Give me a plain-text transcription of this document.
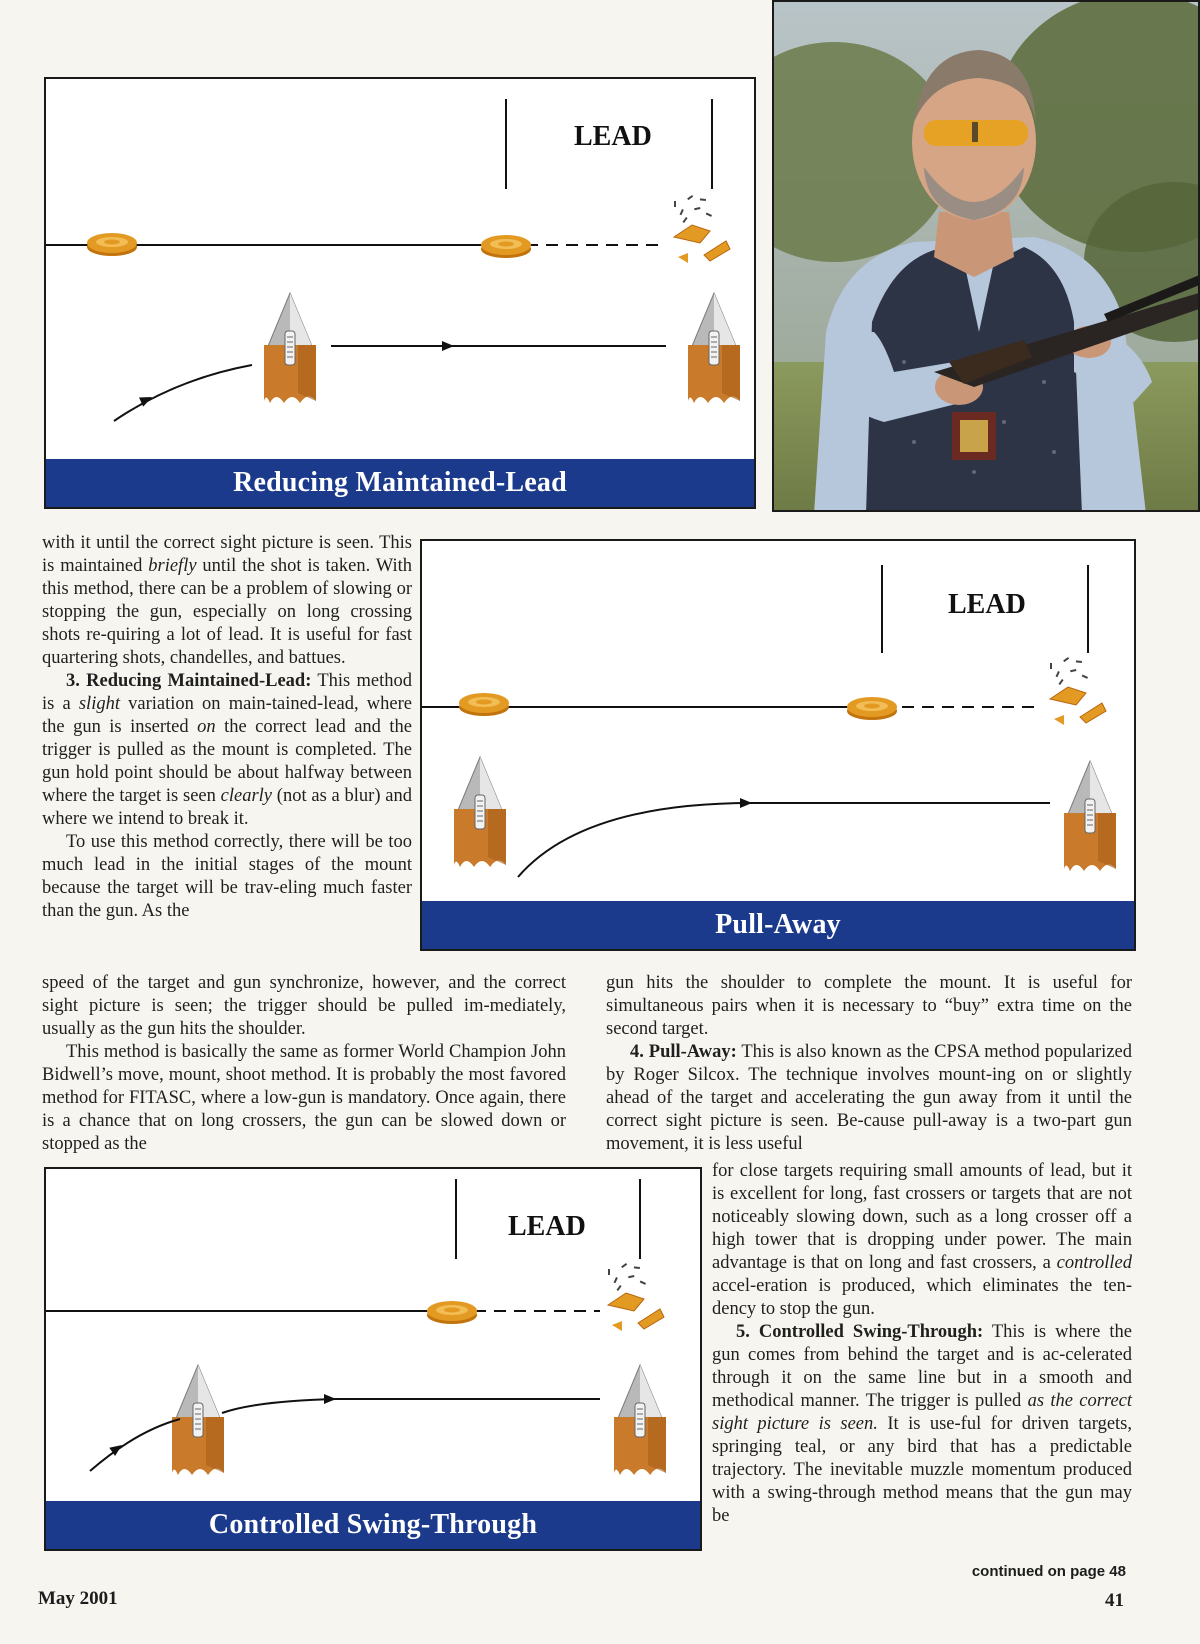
LEAD
Reducing Maintained-Lead
LEAD
Pull-Away
LEAD
Controlled Swing-Through

with it until the correct sight picture is seen. This is maintained briefly until the shot is taken. With this method, there can be a problem of slowing or stopping the gun, especially on long crossing shots re-quiring a lot of lead. It is useful for fast quartering shots, chandelles, and battues.

3. Reducing Maintained-Lead: This method is a slight variation on main-tained-lead, where the gun is inserted on the correct lead and the trigger is pulled as the mount is completed. The gun hold point should be about halfway between where the target is seen clearly (not as a blur) and where we intend to break it.

To use this method correctly, there will be too much lead in the initial stages of the mount because the target will be trav-eling much faster than the gun. As the

speed of the target and gun synchronize, however, and the correct sight picture is seen; the trigger should be pulled im-mediately, usually as the gun hits the shoulder.

This method is basically the same as former World Champion John Bidwell’s move, mount, shoot method. It is probably the most favored method for FITASC, where a low-gun is mandatory. Once again, there is a chance that on long crossers, the gun can be slowed down or stopped as the

gun hits the shoulder to complete the mount. It is useful for simultaneous pairs when it is necessary to “buy” extra time on the second target.

4. Pull-Away: This is also known as the CPSA method popularized by Roger Silcox. The technique involves mount-ing on or slightly ahead of the target and accelerating the gun away from it until the correct sight picture is seen. Be-cause pull-away is a two-part gun movement, it is less useful

for close targets requiring small amounts of lead, but it is excellent for long, fast crossers or targets that are not noticeably slowing down, such as a long crosser off a high tower that is dropping under power. The main advantage is that on long and fast crossers, a controlled accel-eration is produced, which eliminates the ten-dency to stop the gun.

5. Controlled Swing-Through: This is where the gun comes from behind the target and is ac-celerated through it on the same line but in a smooth and methodical manner. The trigger is pulled as the correct sight picture is seen. It is use-ful for driven targets, springing teal, or any bird that has a predictable trajectory. The inevitable muzzle momentum produced with a swing-through method means that the gun may be

continued on page 48
May 2001	41
